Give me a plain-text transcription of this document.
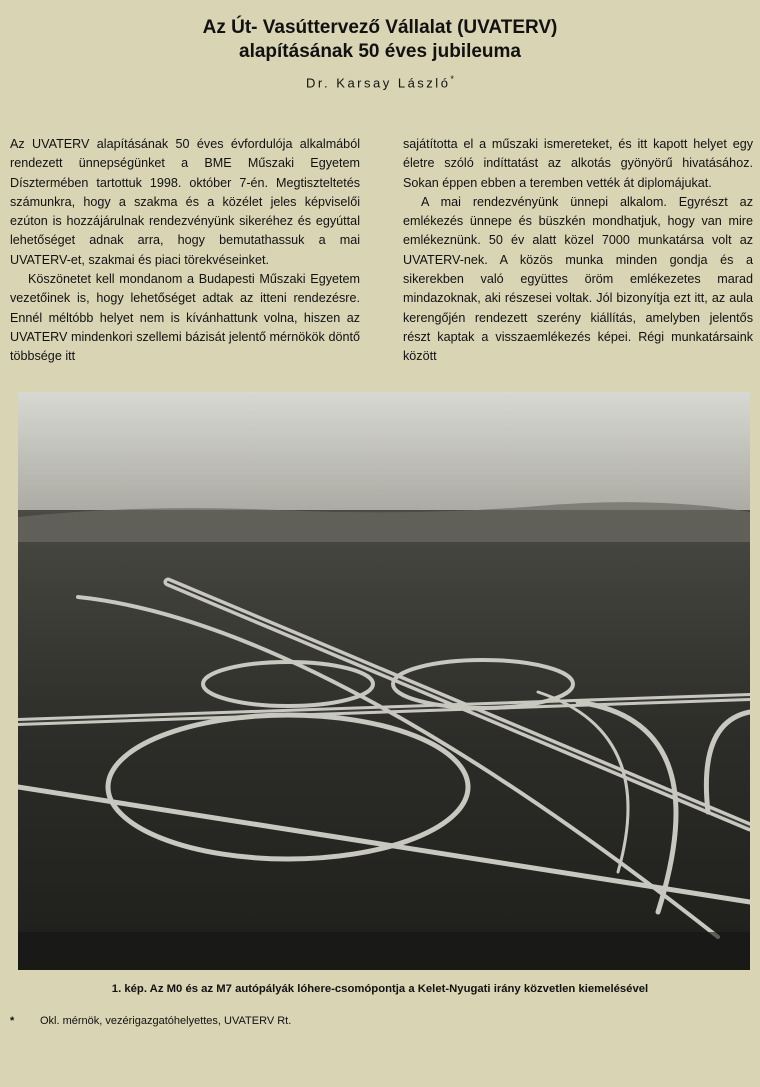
Az Út- Vasúttervező Vállalat (UVATERV)
alapításának 50 éves jubileuma
Dr. Karsay László*

Az UVATERV alapításának 50 éves évfordulója alkalmából rendezett ünnepségünket a BME Műszaki Egyetem Dísztermében tartottuk 1998. október 7-én. Megtiszteltetés számunkra, hogy a szakma és a közélet jeles képviselői ezúton is hozzájárulnak rendezvényünk sikeréhez és egyúttal lehetőséget adnak arra, hogy bemutathassuk a mai UVATERV-et, szakmai és piaci törekvéseinket.

Köszönetet kell mondanom a Budapesti Műszaki Egyetem vezetőinek is, hogy lehetőséget adtak az itteni rendezésre. Ennél méltóbb helyet nem is kívánhattunk volna, hiszen az UVATERV mindenkori szellemi bázisát jelentő mérnökök döntő többsége itt

sajátította el a műszaki ismereteket, és itt kapott helyet egy életre szóló indíttatást az alkotás gyönyörű hivatásához. Sokan éppen ebben a teremben vették át diplomájukat.

A mai rendezvényünk ünnepi alkalom. Egyrészt az emlékezés ünnepe és büszkén mondhatjuk, hogy van mire emlékeznünk. 50 év alatt közel 7000 munkatársa volt az UVATERV-nek. A közös munka minden gondja és a sikerekben való együttes öröm emlékezetes marad mindazoknak, aki részesei voltak. Jól bizonyítja ezt itt, az aula kerengőjén rendezett szerény kiállítás, amelyben jelentős részt kaptak a visszaemlékezés képei. Régi munkatársaink között

1. kép. Az M0 és az M7 autópályák lóhere-csomópontja a Kelet-Nyugati irány közvetlen kiemelésével
* Okl. mérnök, vezérigazgatóhelyettes, UVATERV Rt.
